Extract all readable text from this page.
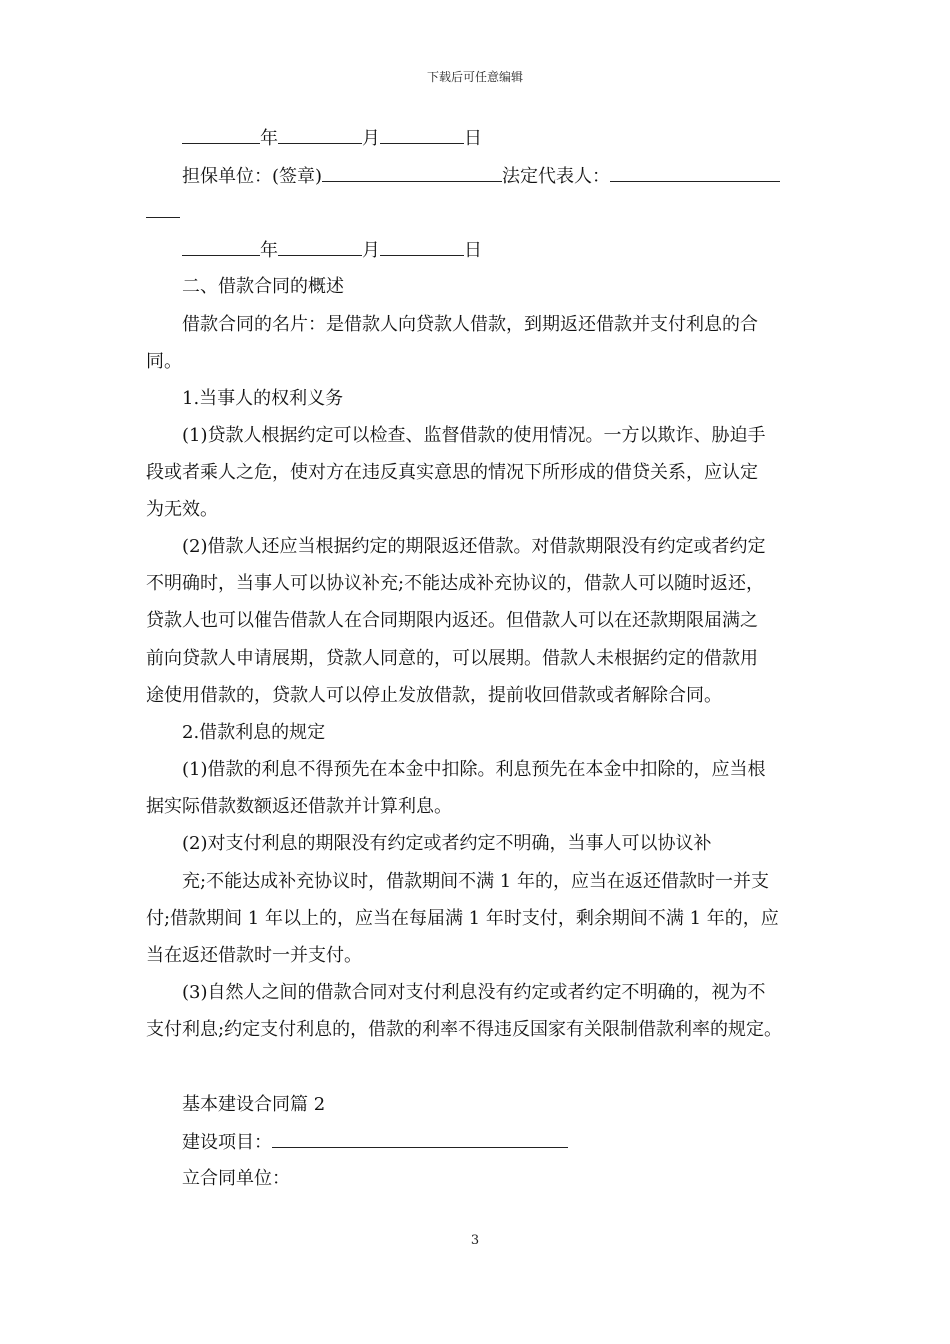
下载后可任意编辑
年	月	日
担保单位：(签章)	法定代表人：
年	月	日
二、借款合同的概述
借款合同的名片：是借款人向贷款人借款，到期返还借款并支付利息的合
同。
1.当事人的权利义务
(1)贷款人根据约定可以检查、监督借款的使用情况。一方以欺诈、胁迫手
段或者乘人之危，使对方在违反真实意思的情况下所形成的借贷关系，应认定
为无效。
(2)借款人还应当根据约定的期限返还借款。对借款期限没有约定或者约定
不明确时，当事人可以协议补充;不能达成补充协议的，借款人可以随时返还，
贷款人也可以催告借款人在合同期限内返还。但借款人可以在还款期限届满之
前向贷款人申请展期，贷款人同意的，可以展期。借款人未根据约定的借款用
途使用借款的，贷款人可以停止发放借款，提前收回借款或者解除合同。
2.借款利息的规定
(1)借款的利息不得预先在本金中扣除。利息预先在本金中扣除的，应当根
据实际借款数额返还借款并计算利息。
(2)对支付利息的期限没有约定或者约定不明确，当事人可以协议补
充;不能达成补充协议时，借款期间不满 1 年的，应当在返还借款时一并支
付;借款期间 1 年以上的，应当在每届满 1 年时支付，剩余期间不满 1 年的，应
当在返还借款时一并支付。
(3)自然人之间的借款合同对支付利息没有约定或者约定不明确的，视为不
支付利息;约定支付利息的，借款的利率不得违反国家有关限制借款利率的规定。
基本建设合同篇 2
建设项目：
立合同单位：
3
